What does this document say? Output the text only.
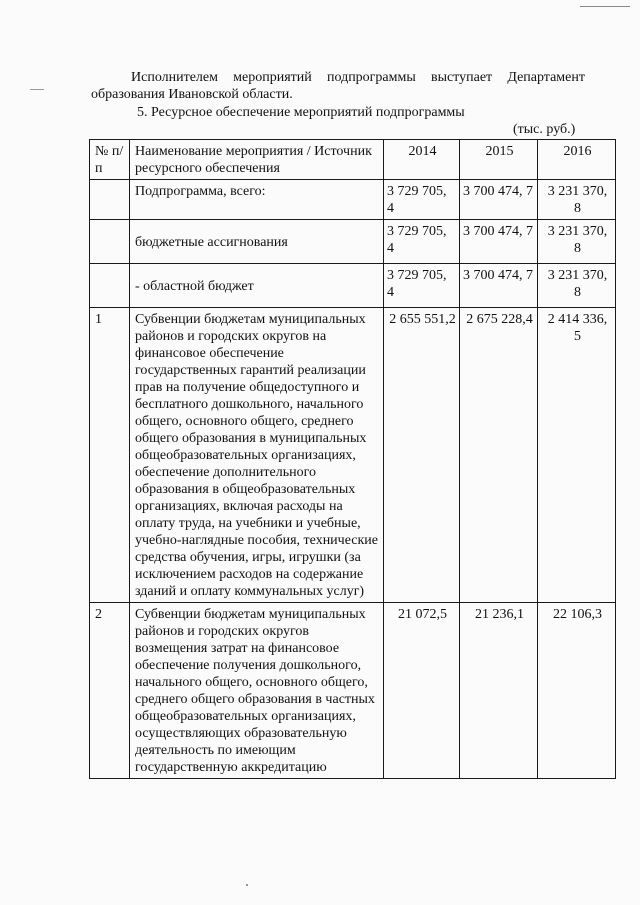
Исполнителем мероприятий подпрограммы выступает Департамент
образования Ивановской области.
5. Ресурсное обеспечение мероприятий подпрограммы
(тыс. руб.)
№ п/п	Наименование мероприятия / Источник ресурсного обеспечения	2014	2015	2016
	Подпрограмма, всего:	3 729 705, 4	3 700 474, 7	3 231 370, 8
	бюджетные ассигнования	3 729 705, 4	3 700 474, 7	3 231 370, 8
	- областной бюджет	3 729 705, 4	3 700 474, 7	3 231 370, 8
1	Субвенции бюджетам муниципальных районов и городских округов на финансовое обеспечение государственных гарантий реализации прав на получение общедоступного и бесплатного дошкольного, начального общего, основного общего, среднего общего образования в муниципальных общеобразовательных организациях, обеспечение дополнительного образования в общеобразовательных организациях, включая расходы на оплату труда, на учебники и учебные, учебно-наглядные пособия, технические средства обучения, игры, игрушки (за исключением расходов на содержание зданий и оплату коммунальных услуг)	2 655 551,2	2 675 228,4	2 414 336, 5
2	Субвенции бюджетам муниципальных районов и городских округов возмещения затрат на финансовое обеспечение получения дошкольного, начального общего, основного общего, среднего общего образования в частных общеобразовательных организациях, осуществляющих образовательную деятельность по имеющим государственную аккредитацию	21 072,5	21 236,1	22 106,3
